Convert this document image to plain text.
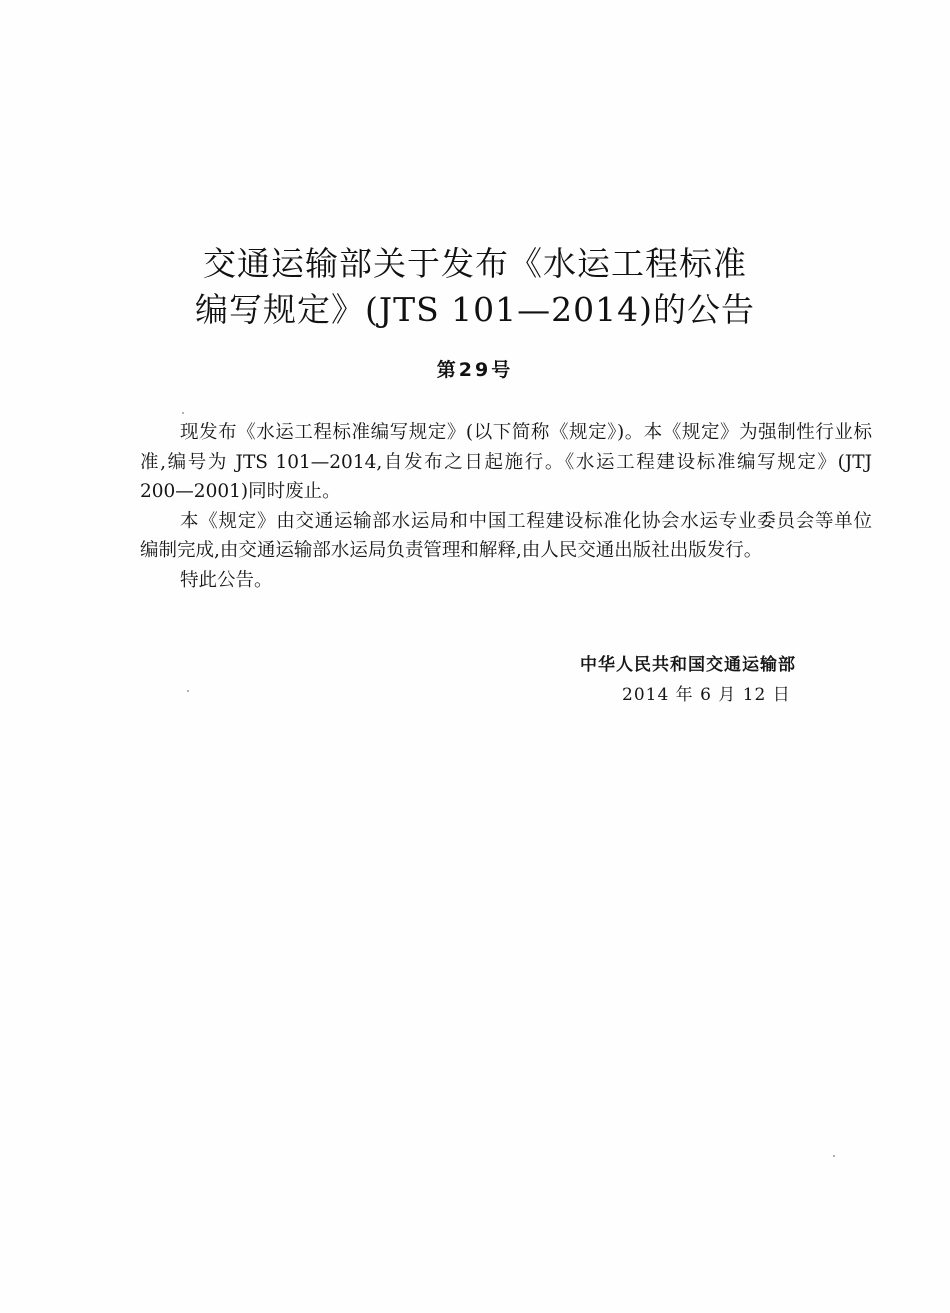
交通运输部关于发布《水运工程标准
编写规定》(JTS 101—2014)的公告
第29号
现发布《水运工程标准编写规定》(以下简称《规定》)。本《规定》为强制性行业标
准,编号为 JTS 101—2014,自发布之日起施行。《水运工程建设标准编写规定》(JTJ
200—2001)同时废止。
本《规定》由交通运输部水运局和中国工程建设标准化协会水运专业委员会等单位
编制完成,由交通运输部水运局负责管理和解释,由人民交通出版社出版发行。
特此公告。
中华人民共和国交通运输部
2014 年 6 月 12 日
